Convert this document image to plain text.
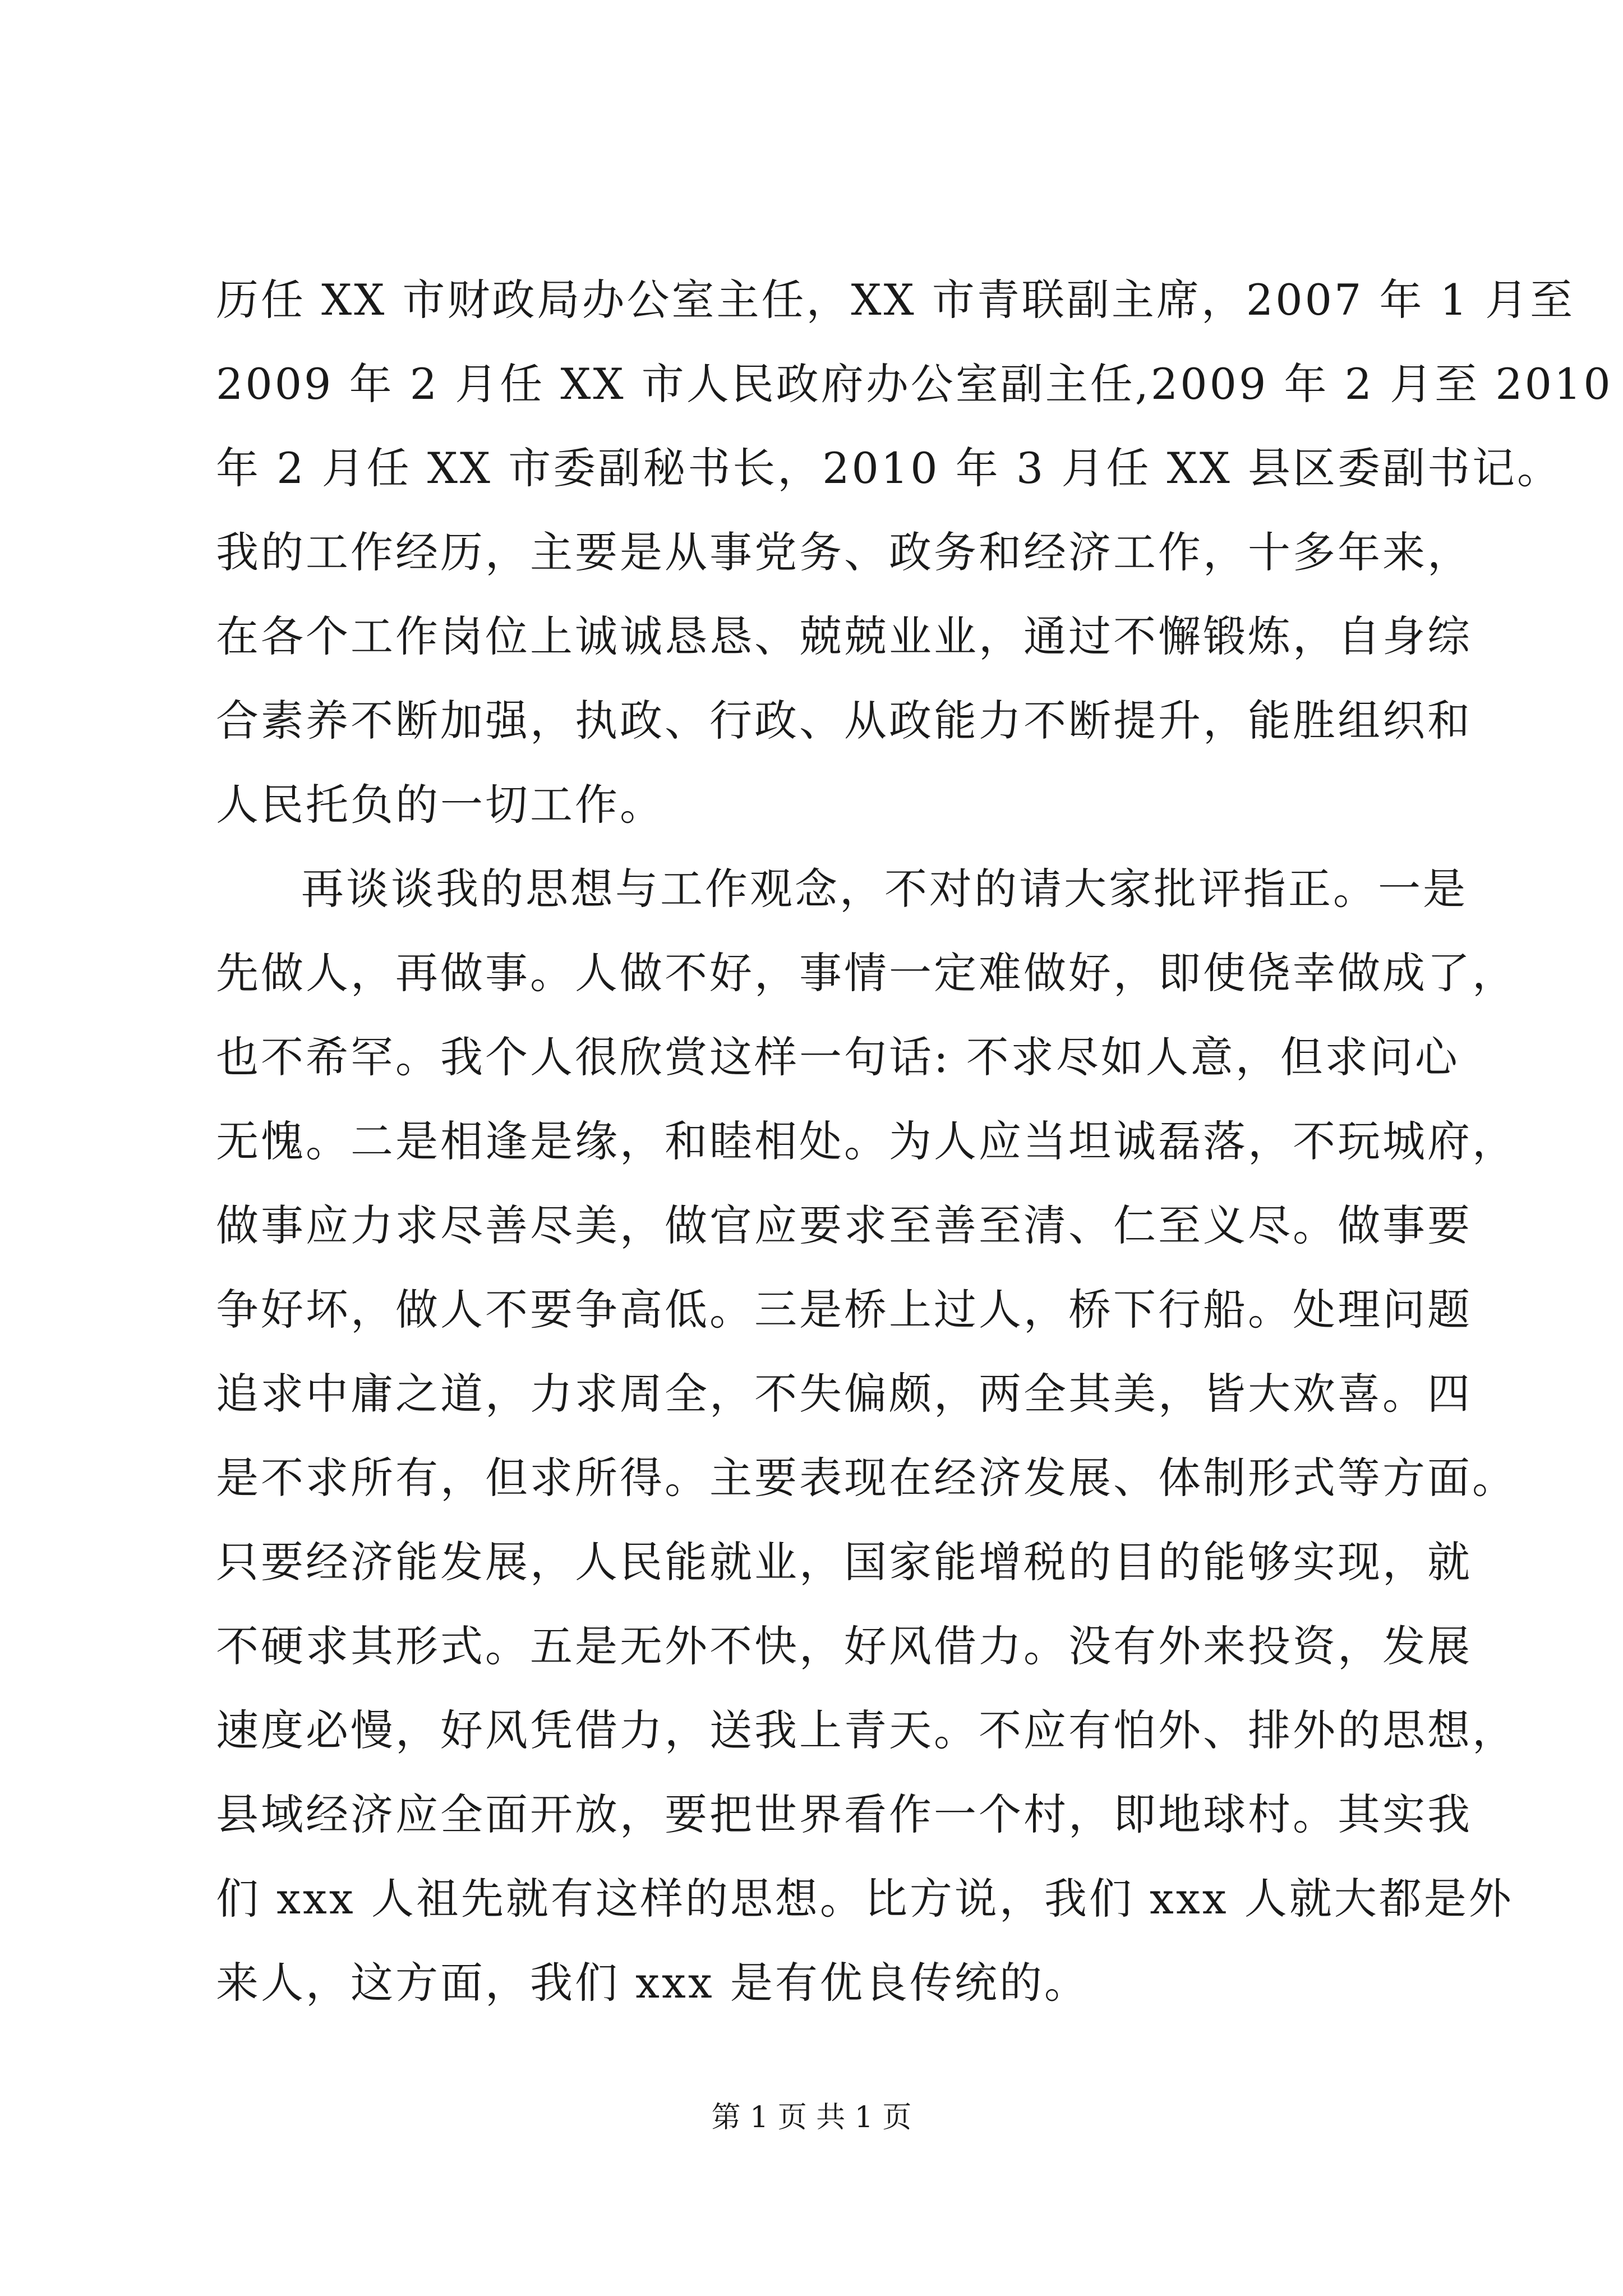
历任 XX 市财政局办公室主任，XX 市青联副主席，2007 年 1 月至
2009 年 2 月任 XX 市人民政府办公室副主任,2009 年 2 月至 2010
年 2 月任 XX 市委副秘书长，2010 年 3 月任 XX 县区委副书记。
我的工作经历，主要是从事党务、政务和经济工作，十多年来，
在各个工作岗位上诚诚恳恳、兢兢业业，通过不懈锻炼，自身综
合素养不断加强，执政、行政、从政能力不断提升，能胜组织和
人民托负的一切工作。
再谈谈我的思想与工作观念，不对的请大家批评指正。一是
先做人，再做事。人做不好，事情一定难做好，即使侥幸做成了，
也不希罕。我个人很欣赏这样一句话: 不求尽如人意，但求问心
无愧。二是相逢是缘，和睦相处。为人应当坦诚磊落，不玩城府，
做事应力求尽善尽美，做官应要求至善至清、仁至义尽。做事要
争好坏，做人不要争高低。三是桥上过人，桥下行船。处理问题
追求中庸之道，力求周全，不失偏颇，两全其美，皆大欢喜。四
是不求所有，但求所得。主要表现在经济发展、体制形式等方面。
只要经济能发展，人民能就业，国家能增税的目的能够实现，就
不硬求其形式。五是无外不快，好风借力。没有外来投资，发展
速度必慢，好风凭借力，送我上青天。不应有怕外、排外的思想，
县域经济应全面开放，要把世界看作一个村，即地球村。其实我
们 xxx 人祖先就有这样的思想。比方说，我们 xxx 人就大都是外
来人，这方面，我们 xxx 是有优良传统的。
第 1 页 共 1 页
